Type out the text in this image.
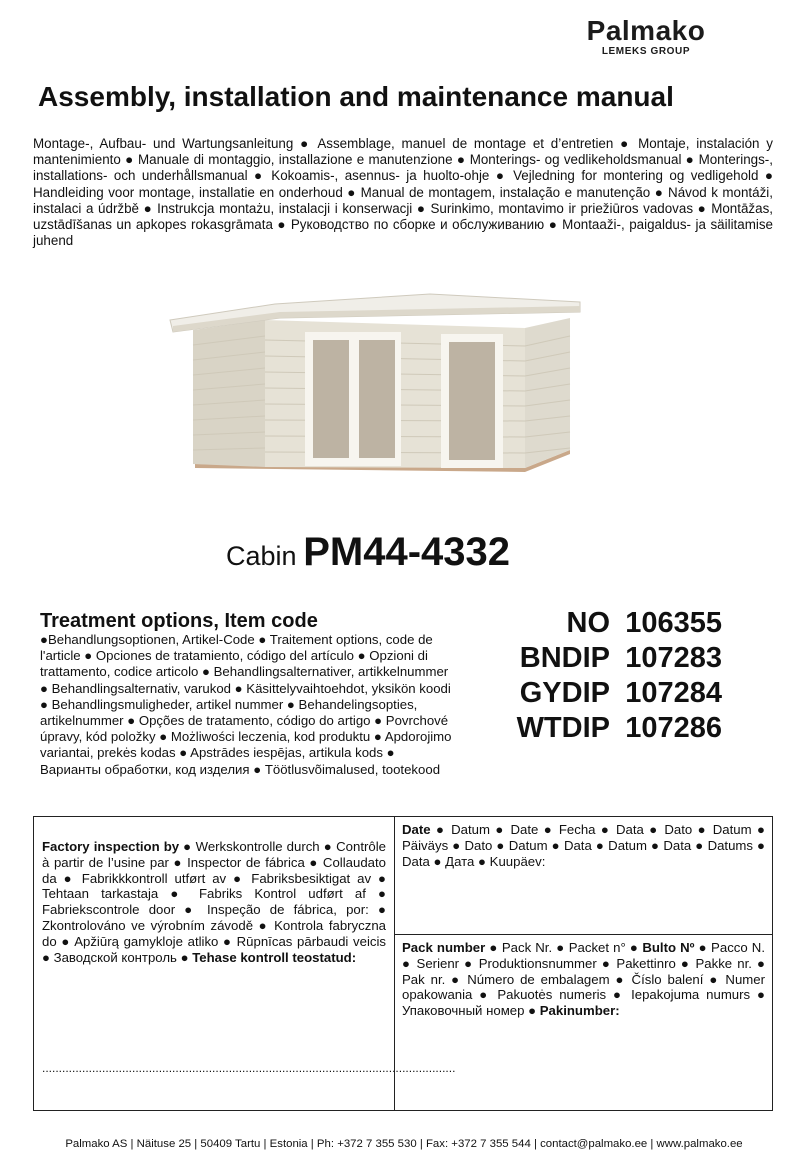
Palmako
LEMEKS GROUP
Assembly, installation and maintenance manual

Montage-, Aufbau- und Wartungsanleitung ● Assemblage, manuel de montage et d’entretien ● Montaje, instalación y mantenimiento ● Manuale di montaggio, installazione e manutenzione ● Monterings- og vedlikeholdsmanual ● Monterings-, installations- och underhållsmanual ● Kokoamis-, asennus- ja huolto-ohje ● Vejledning for montering og vedligehold ● Handleiding voor montage, installatie en onderhoud ● Manual de montagem, instalação e manutenção ● Návod k montáži, instalaci a údržbě ● Instrukcja montażu, instalacji i konserwacji ● Surinkimo, montavimo ir priežiūros vadovas ● Montāžas, uzstādīšanas un apkopes rokasgrāmata ● Руководство по сборке и обслуживанию ● Montaaži-, paigaldus- ja säilitamise juhend

Cabin PM44-4332
Treatment options, Item code

●Behandlungsoptionen, Artikel-Code ● Traitement options, code de l'article ● Opciones de tratamiento, código del artículo ● Opzioni di trattamento, codice articolo ● Behandlingsalternativer, artikkelnummer ● Behandlingsalternativ, varukod ● Käsittelyvaihtoehdot, yksikön koodi ● Behandlingsmuligheder, artikel nummer ● Behandelingsopties, artikelnummer ● Opções de tratamento, código do artigo ● Povrchové úpravy, kód položky ● Możliwości leczenia, kod produktu ● Apdorojimo variantai, prekės kodas ● Apstrādes iespējas, artikula kods ● Варианты обработки, код изделия ● Töötlusvõimalused, tootekood

NO 106355
BNDIP 107283
GYDIP 107284
WTDIP 107286

Factory inspection by ● Werkskontrolle durch ● Contrôle à partir de l’usine par ● Inspector de fábrica ● Collaudato da ● Fabrikkkontroll utført av ● Fabriksbesiktigat av ● Tehtaan tarkastaja ● Fabriks Kontrol udført af ● Fabriekscontrole door ● Inspeção de fábrica, por: ● Zkontrolováno ve výrobním závodě ● Kontrola fabryczna do ● Apžiūrą gamykloje atliko ● Rūpnīcas pārbaudi veicis ● Заводской контроль ● Tehase kontroll teostatud:

............................................................................................................................

Date ● Datum ● Date ● Fecha ● Data ● Dato ● Datum ● Päiväys ● Dato ● Datum ● Data ● Datum ● Data ● Datums ● Data ● Дата ● Kuupäev:

Pack number ● Pack Nr. ● Packet n° ● Bulto Nº ● Pacco N. ● Serienr ● Produktionsnummer ● Pakettinro ● Pakke nr. ● Pak nr. ● Número de embalagem ● Číslo balení ● Numer opakowania ● Pakuotės numeris ● Iepakojuma numurs ● Упаковочный номер ● Pakinumber:

Palmako AS | Näituse 25 | 50409 Tartu | Estonia | Ph: +372 7 355 530 | Fax: +372 7 355 544 | contact@palmako.ee | www.palmako.ee
